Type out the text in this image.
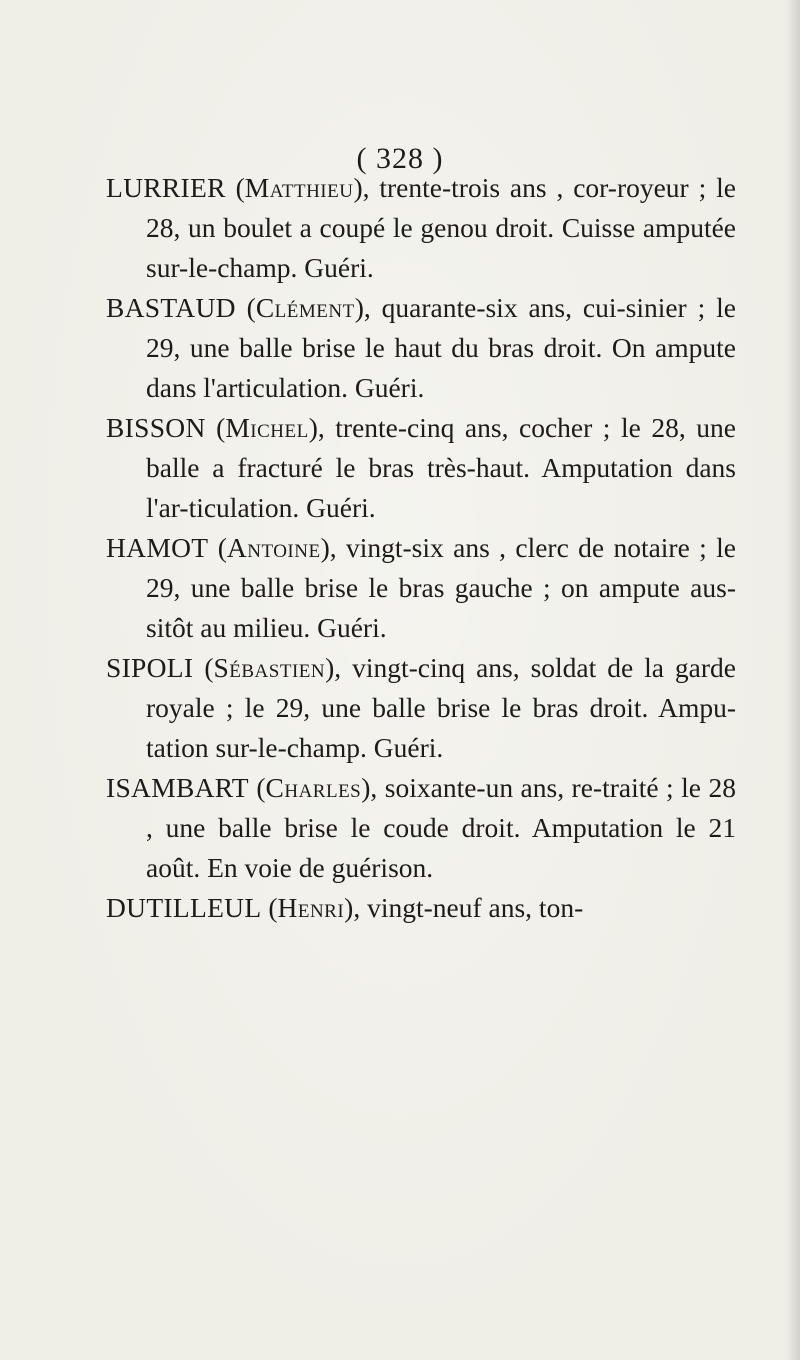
( 328 )

LURRIER (Matthieu), trente-trois ans , cor-royeur ; le 28, un boulet a coupé le genou droit. Cuisse amputée sur-le-champ. Guéri.

BASTAUD (Clément), quarante-six ans, cui-sinier ; le 29, une balle brise le haut du bras droit. On ampute dans l'articulation. Guéri.

BISSON (Michel), trente-cinq ans, cocher ; le 28, une balle a fracturé le bras très-haut. Amputation dans l'ar-ticulation. Guéri.

HAMOT (Antoine), vingt-six ans , clerc de notaire ; le 29, une balle brise le bras gauche ; on ampute aus-sitôt au milieu. Guéri.

SIPOLI (Sébastien), vingt-cinq ans, soldat de la garde royale ; le 29, une balle brise le bras droit. Ampu-tation sur-le-champ. Guéri.

ISAMBART (Charles), soixante-un ans, re-traité ; le 28 , une balle brise le coude droit. Amputation le 21 août. En voie de guérison.

DUTILLEUL (Henri), vingt-neuf ans, ton-
